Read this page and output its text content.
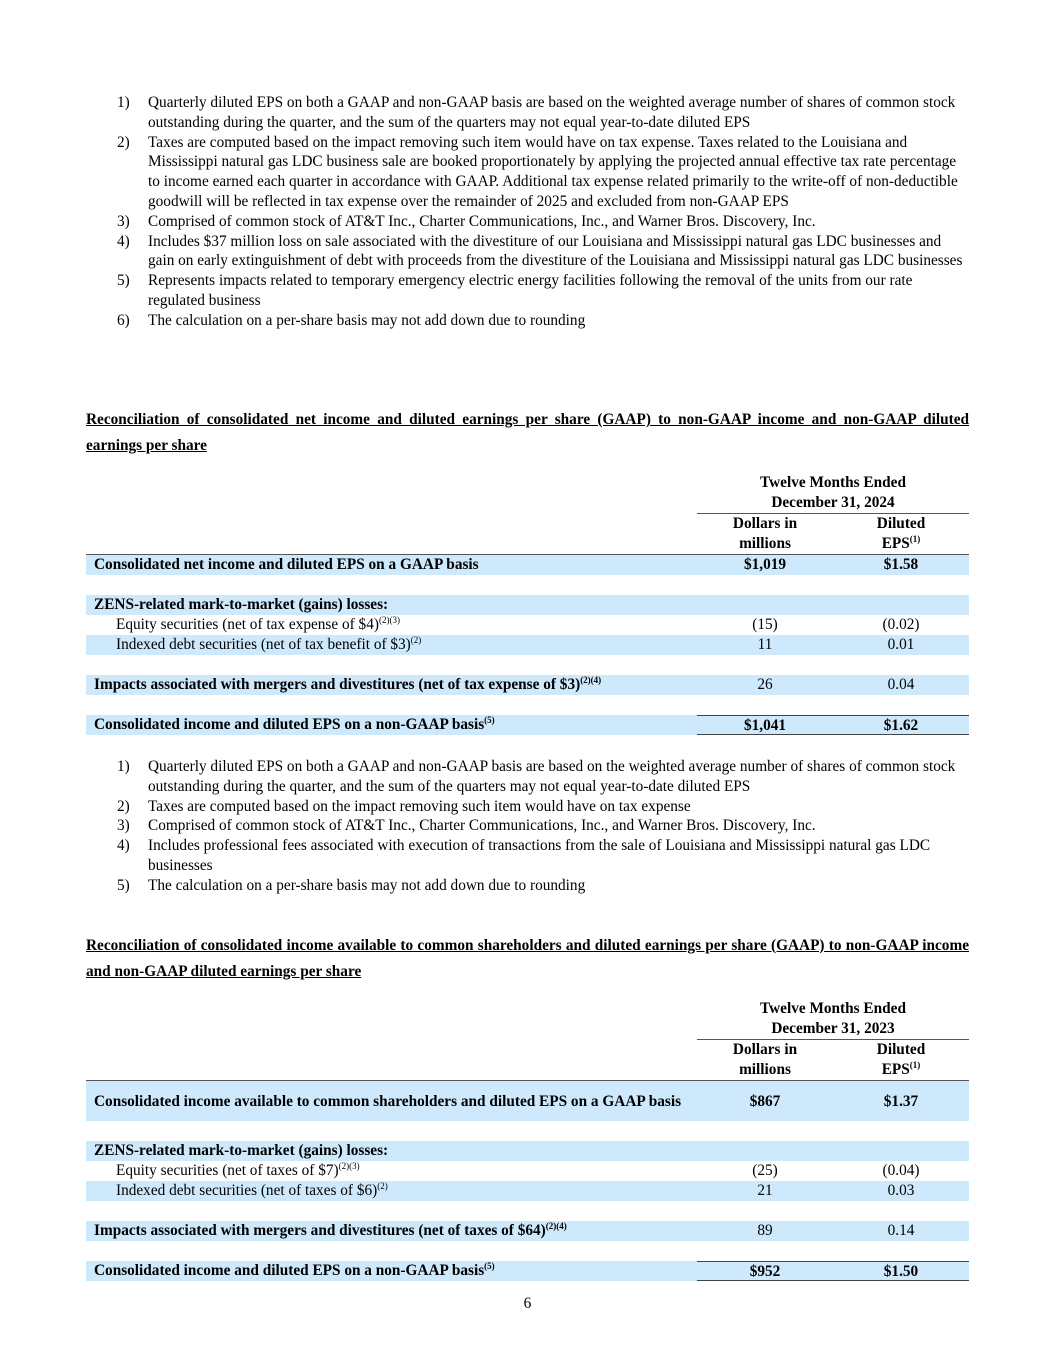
1)	Quarterly diluted EPS on both a GAAP and non-GAAP basis are based on the weighted average number of shares of common stock outstanding during the quarter, and the sum of the quarters may not equal year-to-date diluted EPS
2)	Taxes are computed based on the impact removing such item would have on tax expense. Taxes related to the Louisiana and Mississippi natural gas LDC business sale are booked proportionately by applying the projected annual effective tax rate percentage to income earned each quarter in accordance with GAAP. Additional tax expense related primarily to the write-off of non-deductible goodwill will be reflected in tax expense over the remainder of 2025 and excluded from non-GAAP EPS
3)	Comprised of common stock of AT&T Inc., Charter Communications, Inc., and Warner Bros. Discovery, Inc.
4)	Includes $37 million loss on sale associated with the divestiture of our Louisiana and Mississippi natural gas LDC businesses and gain on early extinguishment of debt with proceeds from the divestiture of the Louisiana and Mississippi natural gas LDC businesses
5)	Represents impacts related to temporary emergency electric energy facilities following the removal of the units from our rate regulated business
6)	The calculation on a per-share basis may not add down due to rounding
Reconciliation of consolidated net income and diluted earnings per share (GAAP) to non-GAAP income and non-GAAP diluted earnings per share
Twelve Months Ended
December 31, 2024
Dollars in
millions
Diluted
EPS$^{(1)}$
Consolidated net income and diluted EPS on a GAAP basis	$1,019	$1.58
ZENS-related mark-to-market (gains) losses:
Equity securities (net of tax expense of $4)$^{(2)(3)}$	(15)	(0.02)
Indexed debt securities (net of tax benefit of $3)$^{(2)}$	11	0.01
Impacts associated with mergers and divestitures (net of tax expense of $3)$^{(2)(4)}$	26	0.04
Consolidated income and diluted EPS on a non-GAAP basis$^{(5)}$	$1,041	$1.62
1)	Quarterly diluted EPS on both a GAAP and non-GAAP basis are based on the weighted average number of shares of common stock outstanding during the quarter, and the sum of the quarters may not equal year-to-date diluted EPS
2)	Taxes are computed based on the impact removing such item would have on tax expense
3)	Comprised of common stock of AT&T Inc., Charter Communications, Inc., and Warner Bros. Discovery, Inc.
4)	Includes professional fees associated with execution of transactions from the sale of Louisiana and Mississippi natural gas LDC businesses
5)	The calculation on a per-share basis may not add down due to rounding
Reconciliation of consolidated income available to common shareholders and diluted earnings per share (GAAP) to non-GAAP income and non-GAAP diluted earnings per share
Twelve Months Ended
December 31, 2023
Dollars in
millions
Diluted
EPS$^{(1)}$
Consolidated income available to common shareholders and diluted EPS on a GAAP basis	$867	$1.37
ZENS-related mark-to-market (gains) losses:
Equity securities (net of taxes of $7)$^{(2)(3)}$	(25)	(0.04)
Indexed debt securities (net of taxes of $6)$^{(2)}$	21	0.03
Impacts associated with mergers and divestitures (net of taxes of $64)$^{(2)(4)}$	89	0.14
Consolidated income and diluted EPS on a non-GAAP basis$^{(5)}$	$952	$1.50
6
